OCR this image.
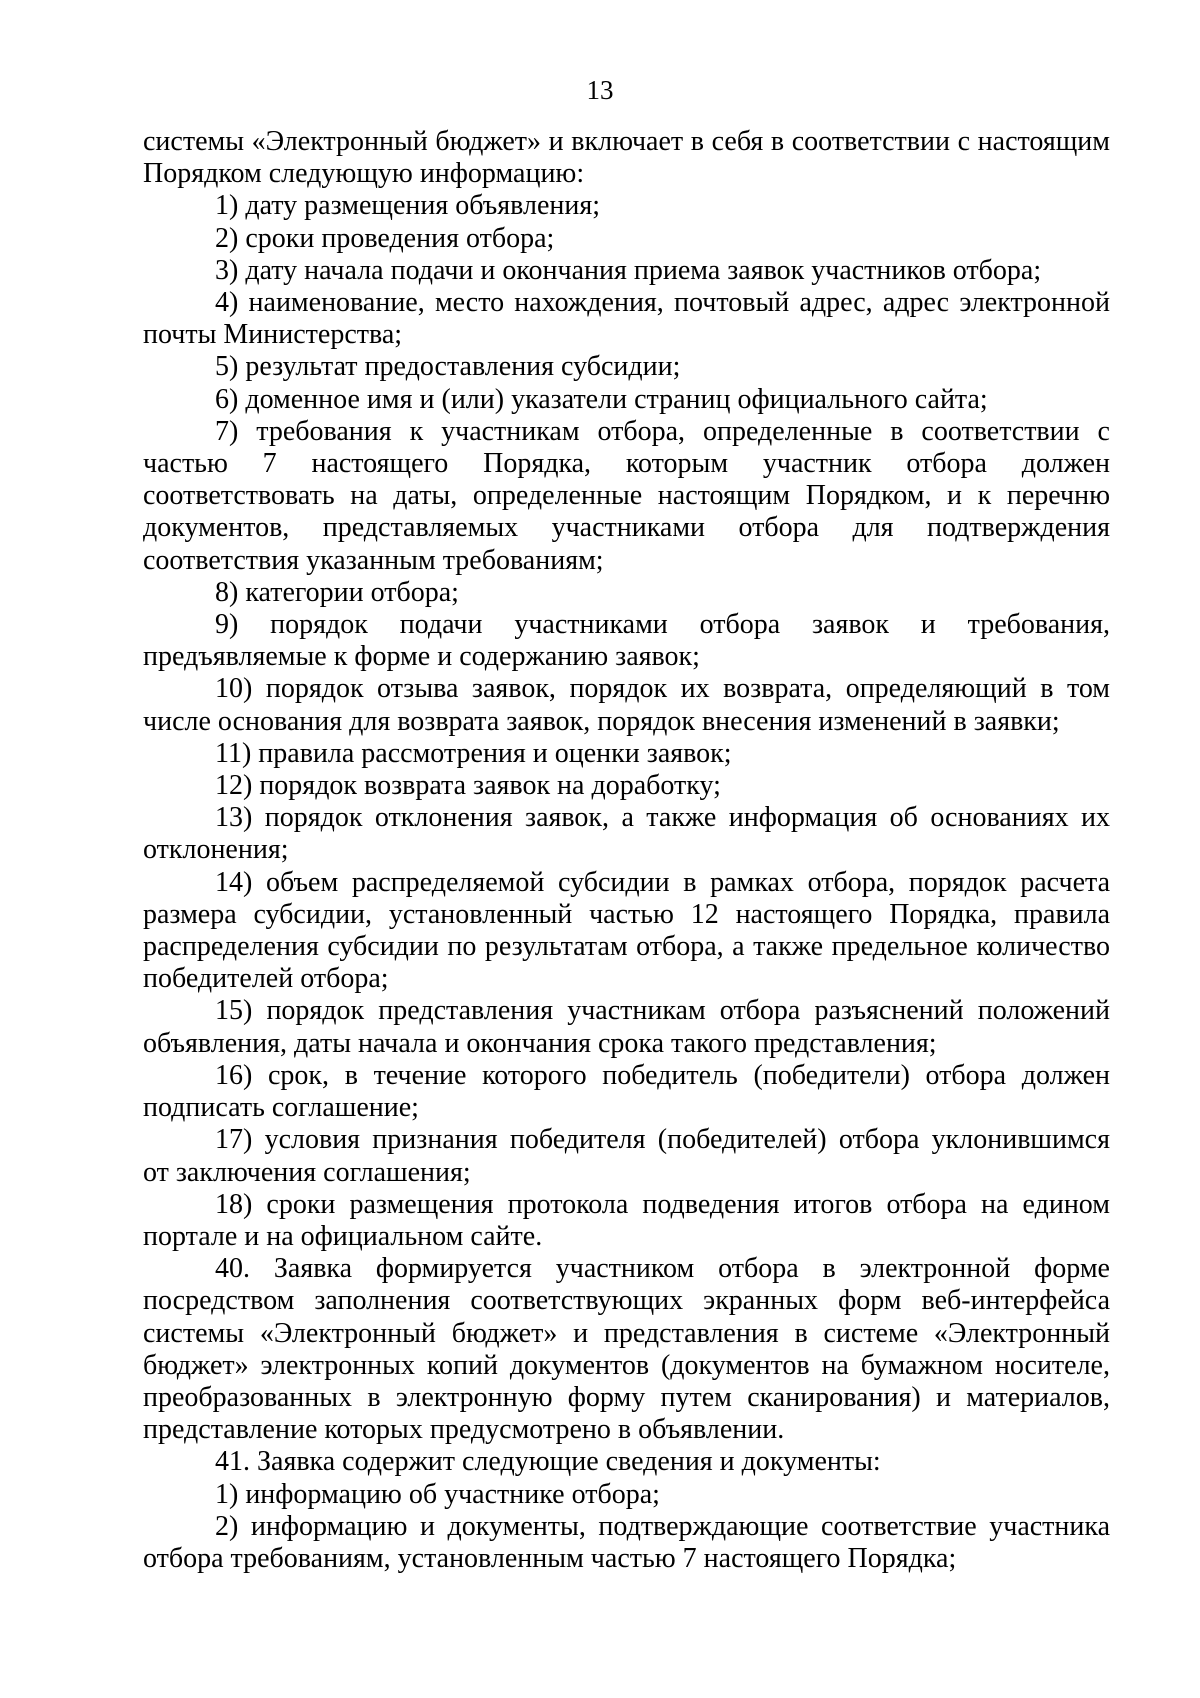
13

системы «Электронный бюджет» и включает в себя в соответствии с настоящим Порядком следующую информацию:

1) дату размещения объявления;

2) сроки проведения отбора;

3) дату начала подачи и окончания приема заявок участников отбора;

4) наименование, место нахождения, почтовый адрес, адрес электронной почты Министерства;

5) результат предоставления субсидии;

6) доменное имя и (или) указатели страниц официального сайта;

7) требования к участникам отбора, определенные в соответствии с частью 7 настоящего Порядка, которым участник отбора должен соответствовать на даты, определенные настоящим Порядком, и к перечню документов, представляемых участниками отбора для подтверждения соответствия указанным требованиям;

8) категории отбора;

9) порядок подачи участниками отбора заявок и требования, предъявляемые к форме и содержанию заявок;

10) порядок отзыва заявок, порядок их возврата, определяющий в том числе основания для возврата заявок, порядок внесения изменений в заявки;

11) правила рассмотрения и оценки заявок;

12) порядок возврата заявок на доработку;

13) порядок отклонения заявок, а также информация об основаниях их отклонения;

14) объем распределяемой субсидии в рамках отбора, порядок расчета размера субсидии, установленный частью 12 настоящего Порядка, правила распределения субсидии по результатам отбора, а также предельное количество победителей отбора;

15) порядок представления участникам отбора разъяснений положений объявления, даты начала и окончания срока такого представления;

16) срок, в течение которого победитель (победители) отбора должен подписать соглашение;

17) условия признания победителя (победителей) отбора уклонившимся от заключения соглашения;

18) сроки размещения протокола подведения итогов отбора на едином портале и на официальном сайте.

40. Заявка формируется участником отбора в электронной форме посредством заполнения соответствующих экранных форм веб-интерфейса системы «Электронный бюджет» и представления в системе «Электронный бюджет» электронных копий документов (документов на бумажном носителе, преобразованных в электронную форму путем сканирования) и материалов, представление которых предусмотрено в объявлении.

41. Заявка содержит следующие сведения и документы:

1) информацию об участнике отбора;

2) информацию и документы, подтверждающие соответствие участника отбора требованиям, установленным частью 7 настоящего Порядка;
